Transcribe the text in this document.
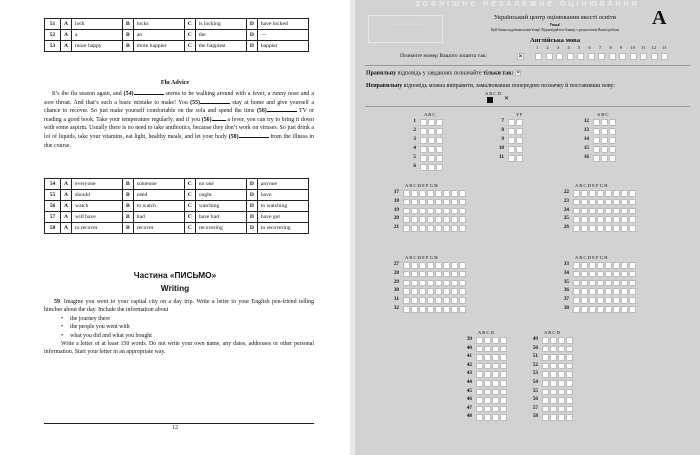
51	A	lock	B	locks	C	is locking	D	have locked
52	A	a	B	an	C	the	D	—
53	A	more happy	B	more happier	C	the happiest	D	happier
Flu Advice
It’s the flu season again, and (54)	seems to be walking around with a fever, a runny nose and a sore throat. And that’s such a basic mistake to make! You (55)	stay at home and give yourself a chance to recover. So just make yourself comfortable on the sofa and spend the time (56)	TV or reading a good book. Take your temperature regularly, and if you (56) a fever, you can try to bring it down with some aspirin. Usually there is no need to take antibiotics, because they don’t work on viruses. So just drink a lot of liquids, take your vitamins, eat light, healthy meals, and let your body (58)	from the illness in due course.
54	A	everyone	B	someone	C	no one	D	anyone
55	A	should	B	need	C	ought	D	have
56	A	watch	B	to watch	C	watching	D	to watching
57	A	will have	B	had	C	have had	D	have got
58	A	to recover	B	recover	C	recovering	D	to recovering
Частина «ПИСЬМО»
Writing

59 Imagine you went to your capital city on a day trip. Write a letter to your English pen-friend telling him/her about the day. Include the information about

• the journey there
• the people you went with
• what you did and what you bought

Write a letter of at least 150 words. Do not write your own name, any dates, addresses or other personal information. Start your letter in an appropriate way.

12
ЗОВНІШНЄ НЕЗАЛЕЖНЕ ОЦІНЮВАННЯ
Місце для штрих-коду
Український центр оцінювання якості освіти
Увага!
Цей бланк податкова комп'ютер! Відповідайте в бланку з результатом Вашої роботи
Англійська мова
A
1 2 3 4 5 6 7 8 9 10 11 12 13
Позначте номер Вашого зошита так:	✕
Правильну відповідь у завданнях позначайте тільки так: ✕
Неправильну відповідь можна виправити, замалювавши попередню позначку й поставивши нову:
A B C D
✕
A B C
1
2
3
4
5
6
T F
7
8
9
10
11
A B C
12
13
14
15
16
A B C D E F G H
17
18
19
20
21
A B C D E F G H
22
23
24
25
26
A B C D E F G H
27
28
29
30
31
32
A B C D E F G H
33
34
35
36
37
38
A B C D
39
40
41
42
43
44
45
46
47
48
A B C D
49
50
51
52
53
54
55
56
57
58
